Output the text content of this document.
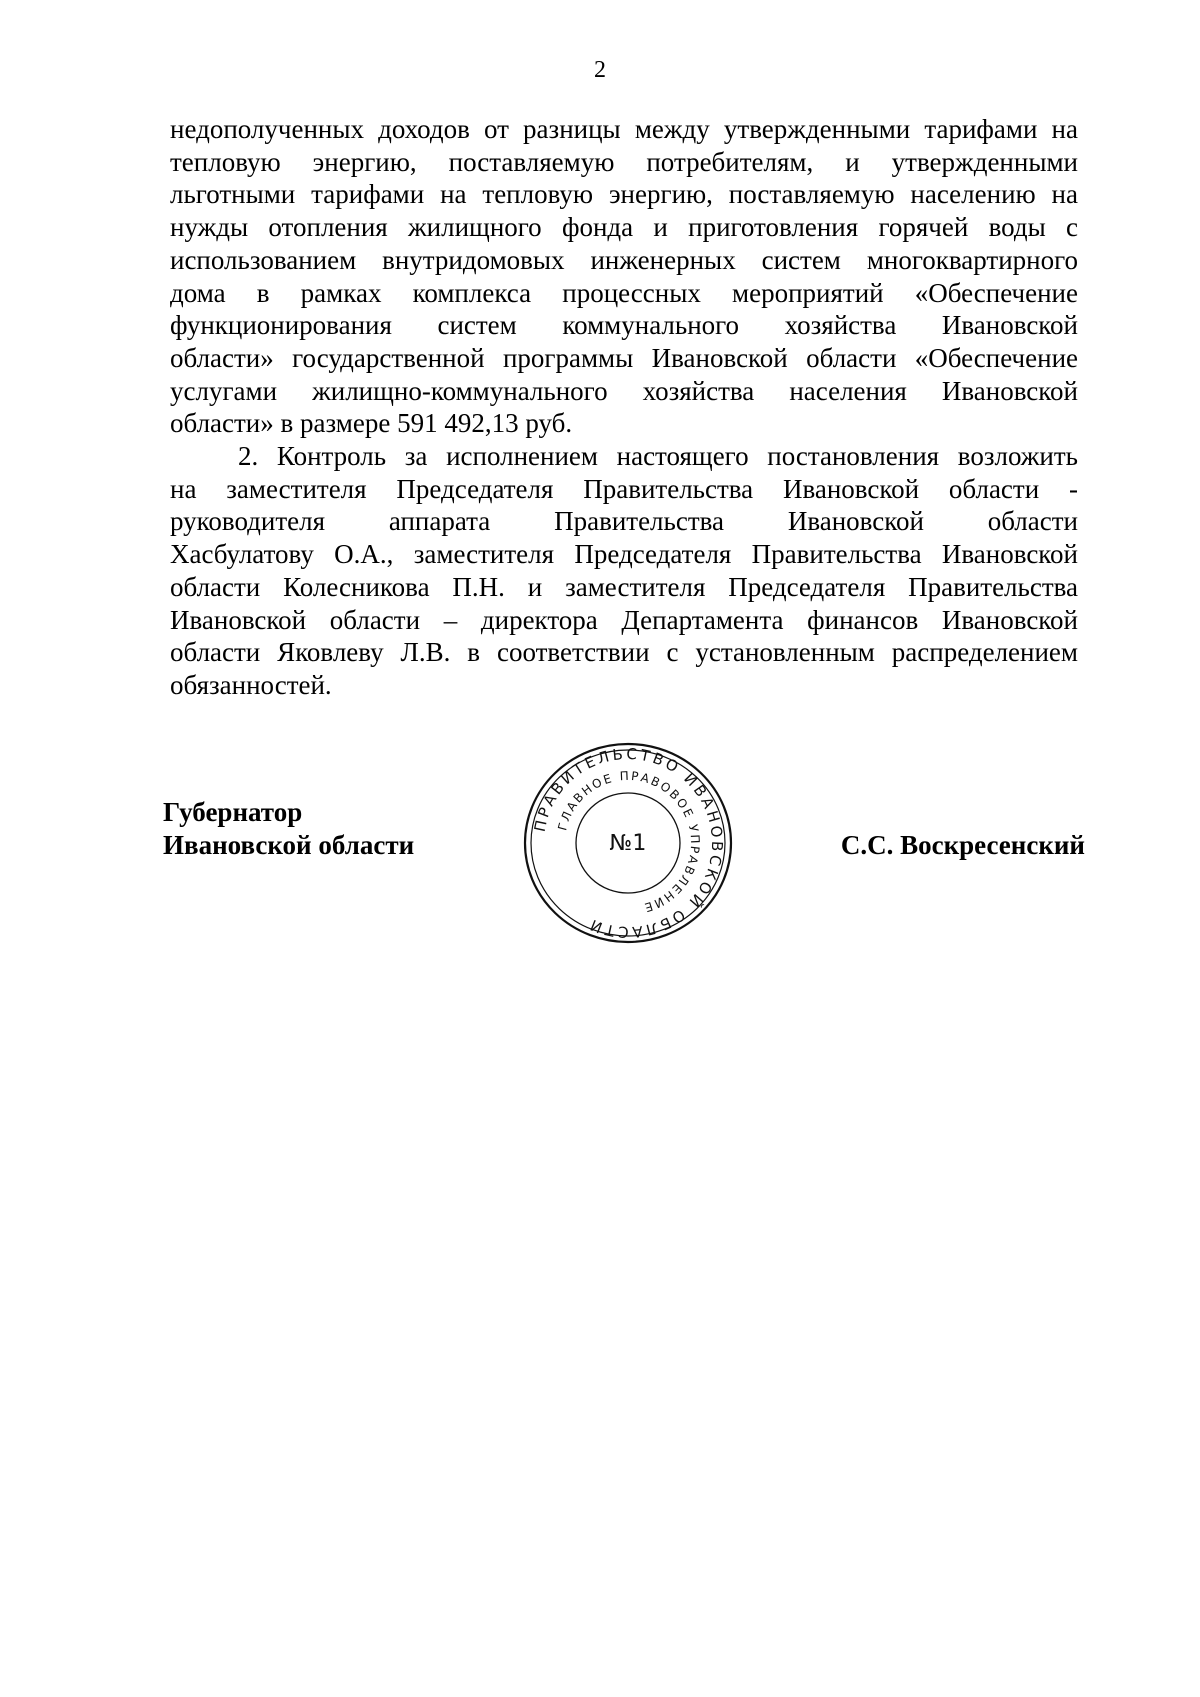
2

недополученных доходов от разницы между утвержденными тарифами на
тепловую энергию, поставляемую потребителям, и утвержденными
льготными тарифами на тепловую энергию, поставляемую населению на
нужды отопления жилищного фонда и приготовления горячей воды с
использованием внутридомовых инженерных систем многоквартирного
дома в рамках комплекса процессных мероприятий «Обеспечение
функционирования систем коммунального хозяйства Ивановской
области» государственной программы Ивановской области «Обеспечение
услугами жилищно-коммунального хозяйства населения Ивановской
области» в размере 591 492,13 руб.

2. Контроль за исполнением настоящего постановления возложить
на заместителя Председателя Правительства Ивановской области -
руководителя аппарата Правительства Ивановской области
Хасбулатову О.А., заместителя Председателя Правительства Ивановской
области Колесникова П.Н. и заместителя Председателя Правительства
Ивановской области – директора Департамента финансов Ивановской
области Яковлеву Л.В. в соответствии с установленным распределением
обязанностей.

Губернатор
Ивановской области	С.С. Воскресенский
ПРАВИТЕЛЬСТВО ИВАНОВСКОЙ ОБЛАСТИ
ГЛАВНОЕ ПРАВОВОЕ УПРАВЛЕНИЕ
№1
